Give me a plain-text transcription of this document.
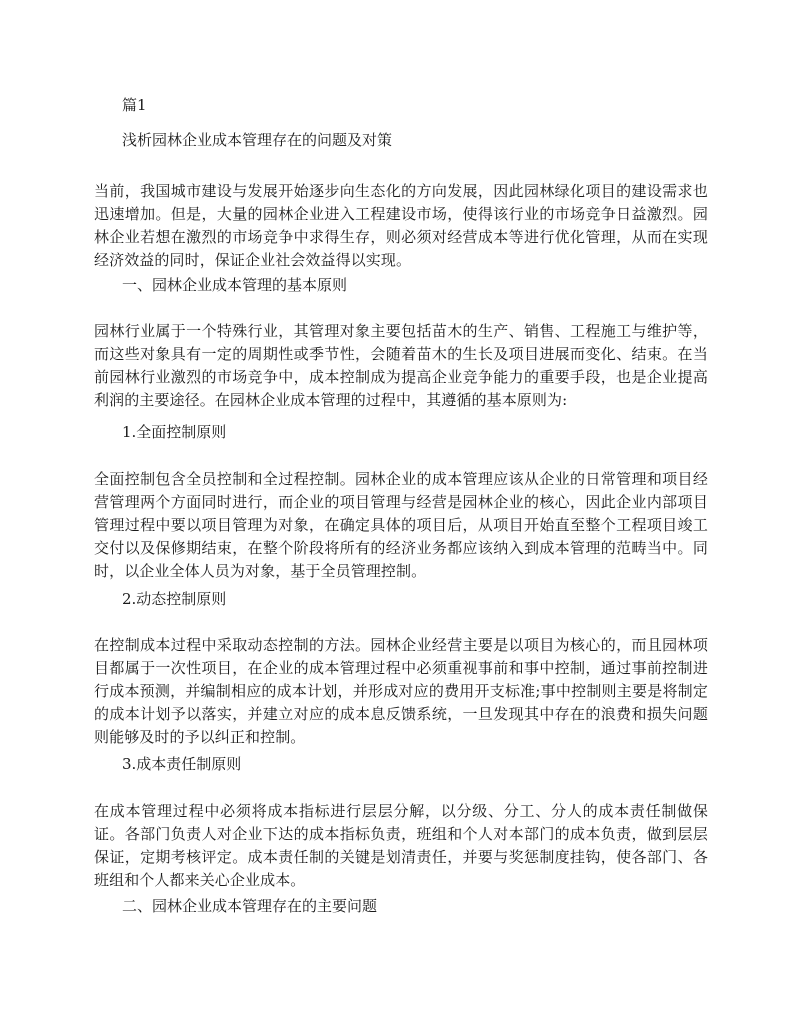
篇1
浅析园林企业成本管理存在的问题及对策
当前，我国城市建设与发展开始逐步向生态化的方向发展，因此园林绿化项目的建设需求也迅速增加。但是，大量的园林企业进入工程建设市场，使得该行业的市场竞争日益激烈。园林企业若想在激烈的市场竞争中求得生存，则必须对经营成本等进行优化管理，从而在实现经济效益的同时，保证企业社会效益得以实现。
一、园林企业成本管理的基本原则
园林行业属于一个特殊行业，其管理对象主要包括苗木的生产、销售、工程施工与维护等，而这些对象具有一定的周期性或季节性，会随着苗木的生长及项目进展而变化、结束。在当前园林行业激烈的市场竞争中，成本控制成为提高企业竞争能力的重要手段，也是企业提高利润的主要途径。在园林企业成本管理的过程中，其遵循的基本原则为:
1.全面控制原则
全面控制包含全员控制和全过程控制。园林企业的成本管理应该从企业的日常管理和项目经营管理两个方面同时进行，而企业的项目管理与经营是园林企业的核心，因此企业内部项目管理过程中要以项目管理为对象，在确定具体的项目后，从项目开始直至整个工程项目竣工交付以及保修期结束，在整个阶段将所有的经济业务都应该纳入到成本管理的范畴当中。同时，以企业全体人员为对象，基于全员管理控制。
2.动态控制原则
在控制成本过程中采取动态控制的方法。园林企业经营主要是以项目为核心的，而且园林项目都属于一次性项目，在企业的成本管理过程中必须重视事前和事中控制，通过事前控制进行成本预测，并编制相应的成本计划，并形成对应的费用开支标准;事中控制则主要是将制定的成本计划予以落实，并建立对应的成本息反馈系统，一旦发现其中存在的浪费和损失问题则能够及时的予以纠正和控制。
3.成本责任制原则
在成本管理过程中必须将成本指标进行层层分解，以分级、分工、分人的成本责任制做保证。各部门负责人对企业下达的成本指标负责，班组和个人对本部门的成本负责，做到层层保证，定期考核评定。成本责任制的关键是划清责任，并要与奖惩制度挂钩，使各部门、各班组和个人都来关心企业成本。
二、园林企业成本管理存在的主要问题
